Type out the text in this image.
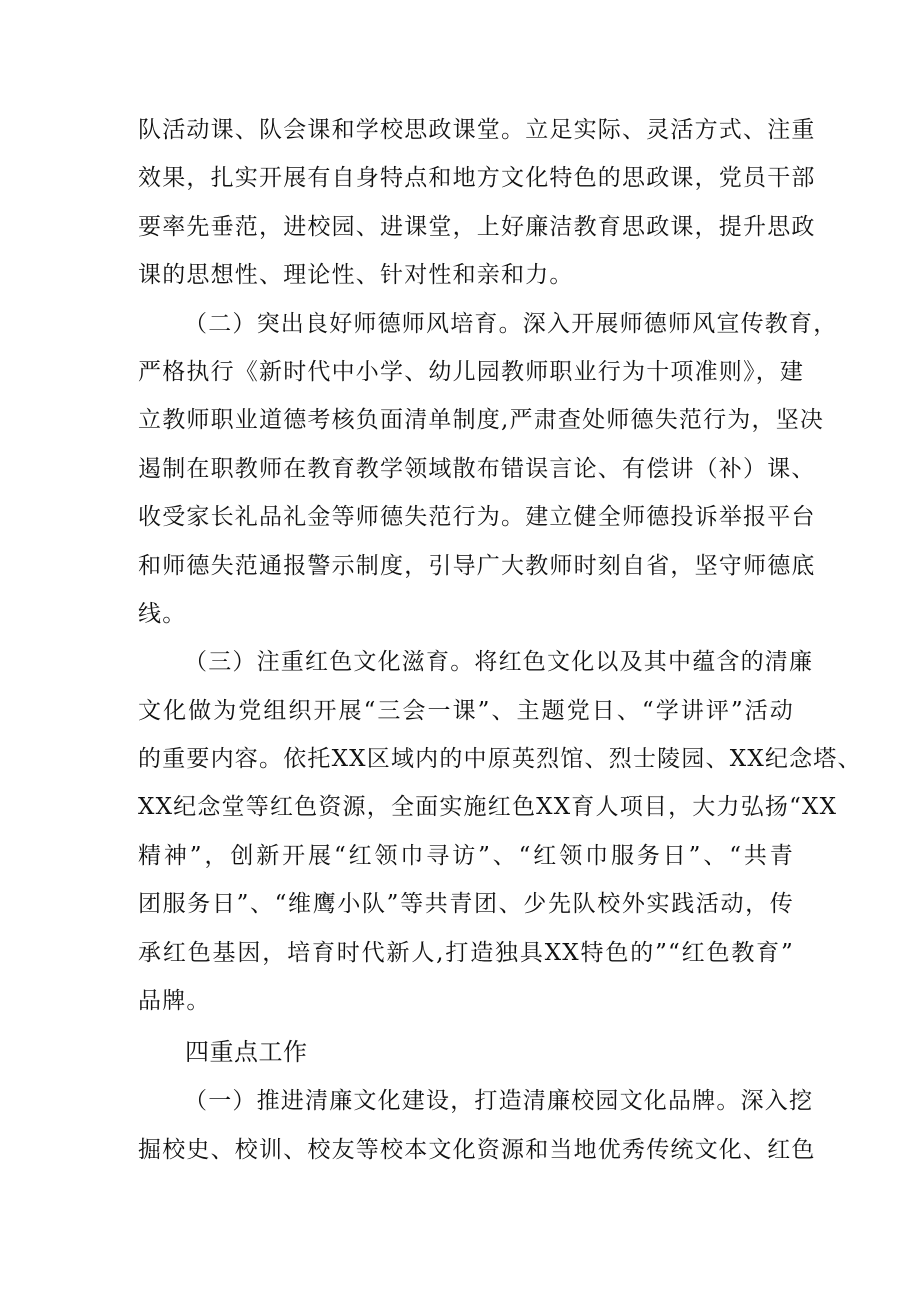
队活动课、队会课和学校思政课堂。立足实际、灵活方式、注重
效果，扎实开展有自身特点和地方文化特色的思政课，党员干部
要率先垂范，进校园、进课堂，上好廉洁教育思政课，提升思政
课的思想性、理论性、针对性和亲和力。
（二）突出良好师德师风培育。深入开展师德师风宣传教育，
严格执行《新时代中小学、幼儿园教师职业行为十项准则》，建
立教师职业道德考核负面清单制度,严肃查处师德失范行为，坚决
遏制在职教师在教育教学领域散布错误言论、有偿讲（补）课、
收受家长礼品礼金等师德失范行为。建立健全师德投诉举报平台
和师德失范通报警示制度，引导广大教师时刻自省，坚守师德底
线。
（三）注重红色文化滋育。将红色文化以及其中蕴含的清廉
文化做为党组织开展“三会一课”、主题党日、“学讲评”活动
的重要内容。依托XX区域内的中原英烈馆、烈士陵园、XX纪念塔、
XX纪念堂等红色资源，全面实施红色XX育人项目，大力弘扬“XX
精神”，创新开展“红领巾寻访”、“红领巾服务日”、“共青
团服务日”、“维鹰小队”等共青团、少先队校外实践活动，传
承红色基因，培育时代新人,打造独具XX特色的”“红色教育”
品牌。
四重点工作
（一）推进清廉文化建设，打造清廉校园文化品牌。深入挖
掘校史、校训、校友等校本文化资源和当地优秀传统文化、红色
